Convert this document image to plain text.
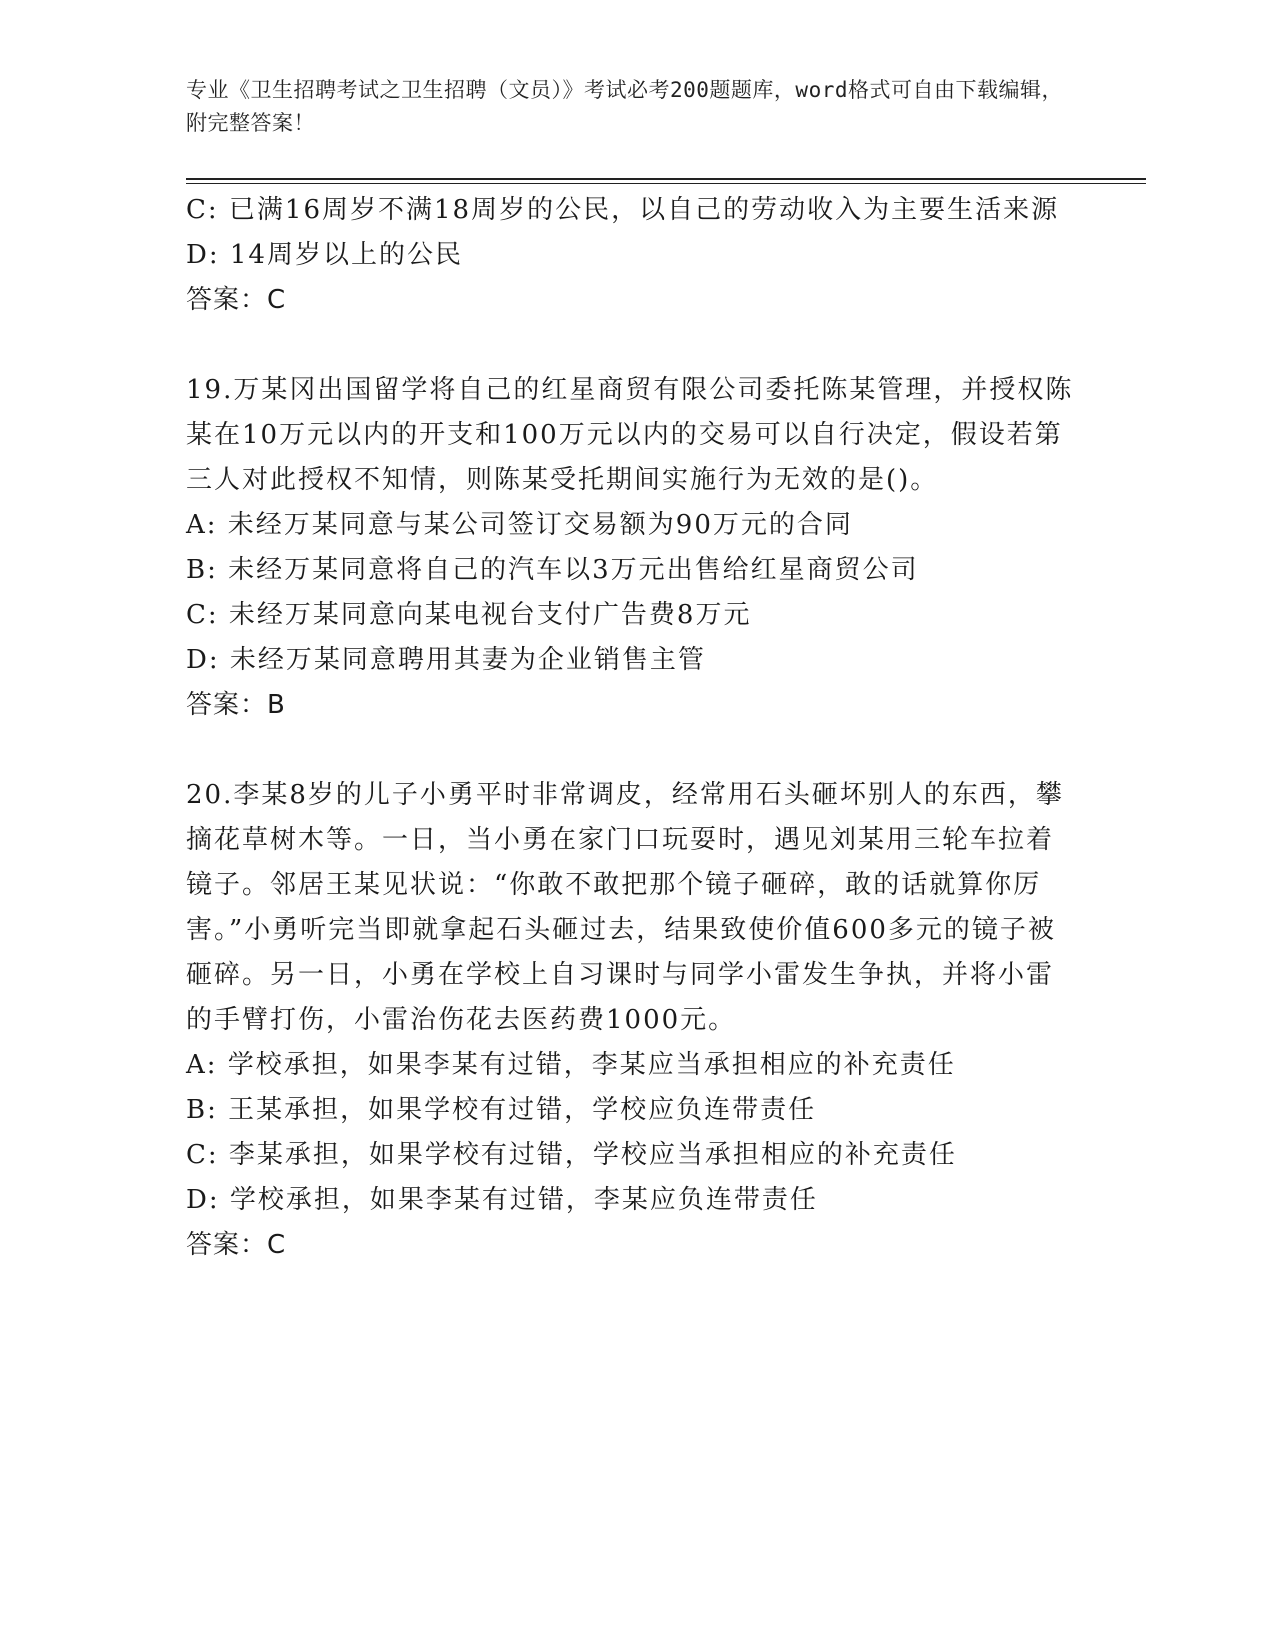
专业《卫生招聘考试之卫生招聘（文员）》考试必考200题题库，word格式可自由下载编辑，附完整答案！
C: 已满16周岁不满18周岁的公民，以自己的劳动收入为主要生活来源
D: 14周岁以上的公民
答案：C
19.万某冈出国留学将自己的红星商贸有限公司委托陈某管理，并授权陈某在10万元以内的开支和100万元以内的交易可以自行决定，假设若第三人对此授权不知情，则陈某受托期间实施行为无效的是()。
A: 未经万某同意与某公司签订交易额为90万元的合同
B: 未经万某同意将自己的汽车以3万元出售给红星商贸公司
C: 未经万某同意向某电视台支付广告费8万元
D: 未经万某同意聘用其妻为企业销售主管
答案：B
20.李某8岁的儿子小勇平时非常调皮，经常用石头砸坏别人的东西，攀摘花草树木等。一日，当小勇在家门口玩耍时，遇见刘某用三轮车拉着镜子。邻居王某见状说：“你敢不敢把那个镜子砸碎，敢的话就算你厉害。”小勇听完当即就拿起石头砸过去，结果致使价值600多元的镜子被砸碎。另一日，小勇在学校上自习课时与同学小雷发生争执，并将小雷的手臂打伤，小雷治伤花去医药费1000元。
A: 学校承担，如果李某有过错，李某应当承担相应的补充责任
B: 王某承担，如果学校有过错，学校应负连带责任
C: 李某承担，如果学校有过错，学校应当承担相应的补充责任
D: 学校承担，如果李某有过错，李某应负连带责任
答案：C
